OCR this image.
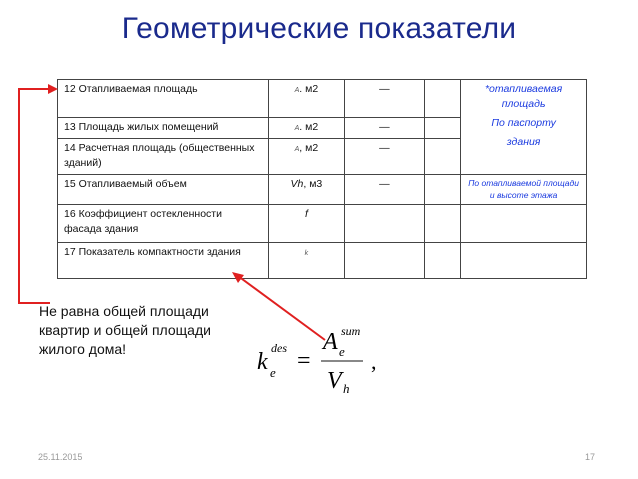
Геометрические показатели
12 Отапливаемая площадь	A. м2	—		*отапливаемая площадь
По паспорту
здания

13 Площадь жилых помещений	A. м2	—		
14 Расчетная площадь (общественных зданий)	A, м2	—		
15 Отапливаемый объем	Vh, м3	—		По отапливаемой площади и высоте этажа
16 Коэффициент остекленности фасада здания	f			
17 Показатель компактности здания	k			
Не равна общей площади квартир и общей площади жилого дома!	k e
des =
A e
sum
V h
,
25.11.2015	17
